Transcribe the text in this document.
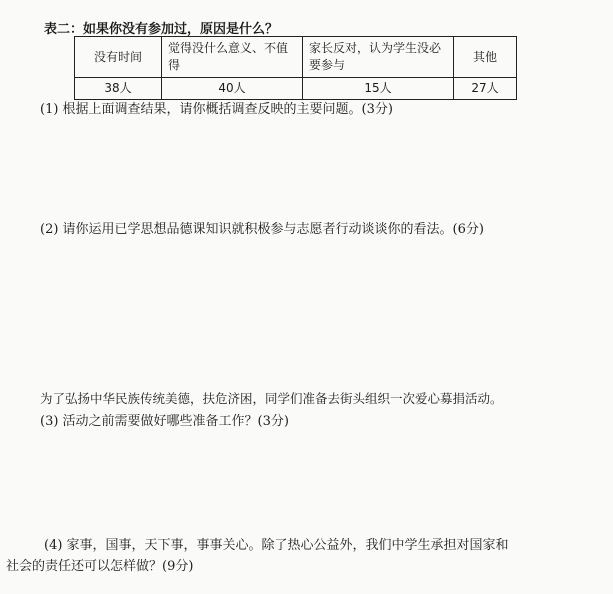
表二：如果你没有参加过，原因是什么？
没有时间	觉得没什么意义、不值得	家长反对，认为学生没必要参与	其他
38人	40人	15人	27人
(1) 根据上面调查结果，请你概括调查反映的主要问题。(3分)
(2) 请你运用已学思想品德课知识就积极参与志愿者行动谈谈你的看法。(6分)
为了弘扬中华民族传统美德，扶危济困，同学们准备去街头组织一次爱心募捐活动。
(3) 活动之前需要做好哪些准备工作？(3分)
(4) 家事，国事，天下事，事事关心。除了热心公益外，我们中学生承担对国家和
社会的责任还可以怎样做？(9分)
